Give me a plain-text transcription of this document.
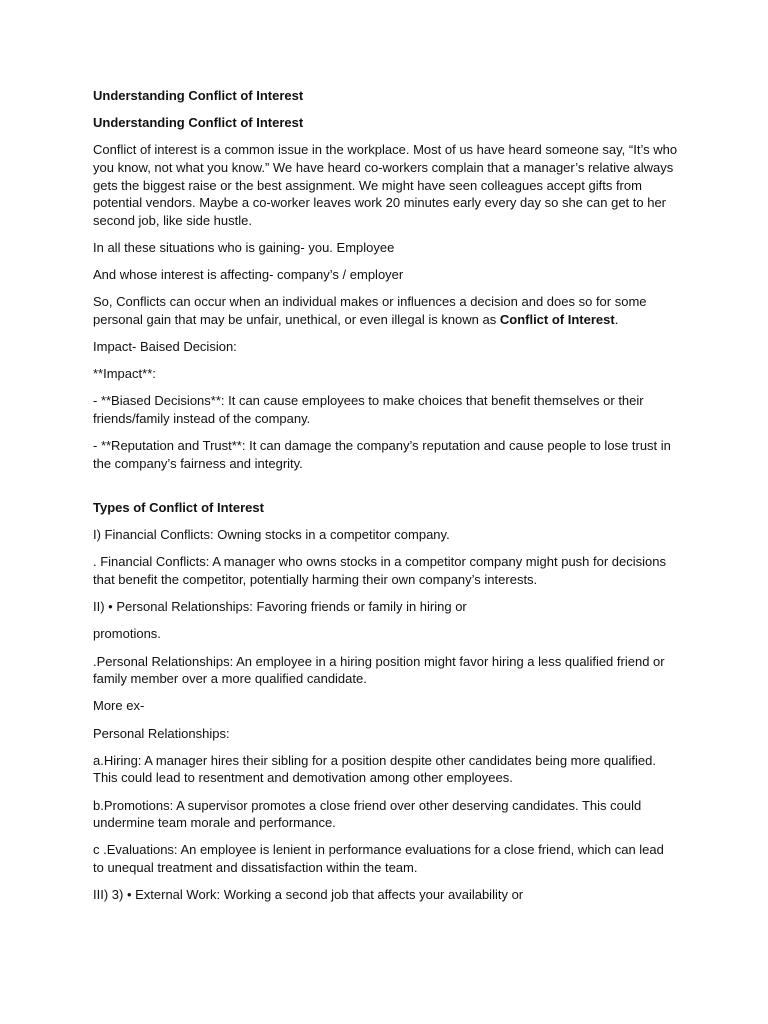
Understanding Conflict of Interest

Understanding Conflict of Interest

Conflict of interest is a common issue in the workplace. Most of us have heard someone say, “It’s who you know, not what you know.” We have heard co-workers complain that a manager’s relative always gets the biggest raise or the best assignment. We might have seen colleagues accept gifts from potential vendors. Maybe a co-worker leaves work 20 minutes early every day so she can get to her second job, like side hustle.

In all these situations who is gaining- you. Employee

And whose interest is affecting- company’s / employer

So, Conflicts can occur when an individual makes or influences a decision and does so for some personal gain that may be unfair, unethical, or even illegal is known as Conflict of Interest.

Impact- Baised Decision:

**Impact**:

- **Biased Decisions**: It can cause employees to make choices that benefit themselves or their friends/family instead of the company.

- **Reputation and Trust**: It can damage the company’s reputation and cause people to lose trust in the company’s fairness and integrity.

Types of Conflict of Interest

I) Financial Conflicts: Owning stocks in a competitor company.

. Financial Conflicts: A manager who owns stocks in a competitor company might push for decisions that benefit the competitor, potentially harming their own company’s interests.

II) • Personal Relationships: Favoring friends or family in hiring or

promotions.

.Personal Relationships: An employee in a hiring position might favor hiring a less qualified friend or family member over a more qualified candidate.

More ex-

Personal Relationships:

a.Hiring: A manager hires their sibling for a position despite other candidates being more qualified. This could lead to resentment and demotivation among other employees.

b.Promotions: A supervisor promotes a close friend over other deserving candidates. This could undermine team morale and performance.

c .Evaluations: An employee is lenient in performance evaluations for a close friend, which can lead to unequal treatment and dissatisfaction within the team.

III) 3) • External Work: Working a second job that affects your availability or
